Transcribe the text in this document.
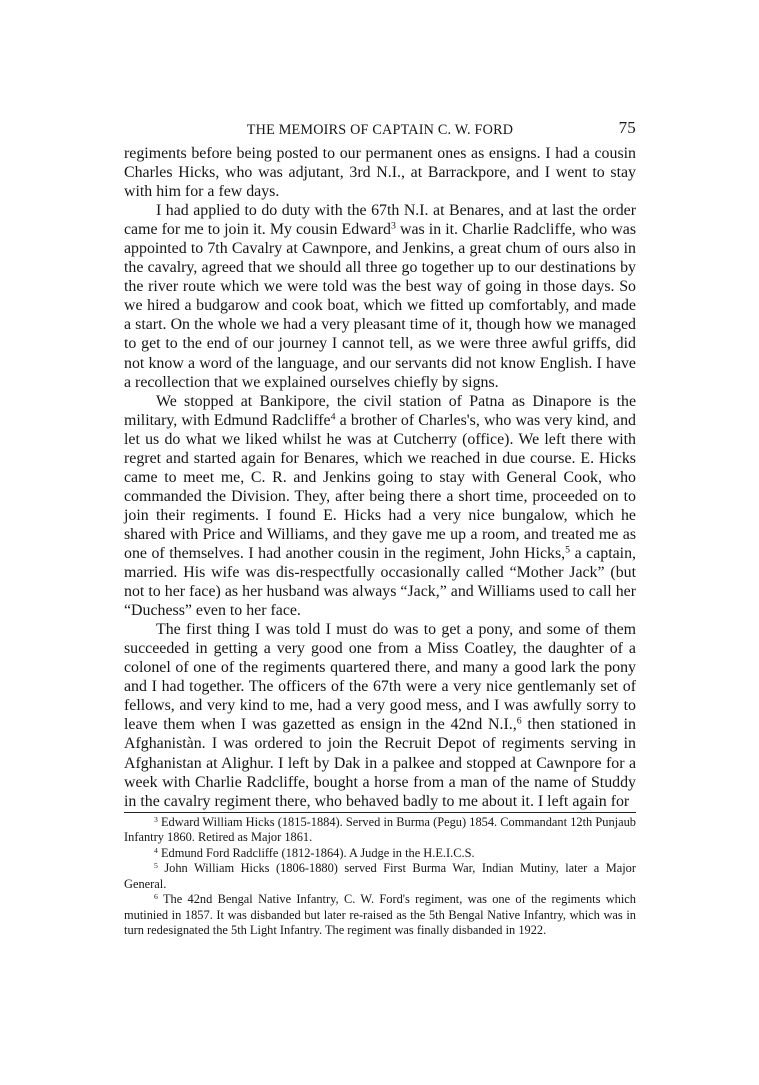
THE MEMOIRS OF CAPTAIN C. W. FORD	75

regiments before being posted to our permanent ones as ensigns. I had a cousin Charles Hicks, who was adjutant, 3rd N.I., at Barrackpore, and I went to stay with him for a few days.

I had applied to do duty with the 67th N.I. at Benares, and at last the order came for me to join it. My cousin Edward$^3$ was in it. Charlie Radcliffe, who was appointed to 7th Cavalry at Cawnpore, and Jenkins, a great chum of ours also in the cavalry, agreed that we should all three go together up to our destinations by the river route which we were told was the best way of going in those days. So we hired a budgarow and cook boat, which we fitted up comfortably, and made a start. On the whole we had a very pleasant time of it, though how we managed to get to the end of our journey I cannot tell, as we were three awful griffs, did not know a word of the language, and our servants did not know English. I have a recollection that we explained ourselves chiefly by signs.

We stopped at Bankipore, the civil station of Patna as Dinapore is the military, with Edmund Radcliffe$^4$ a brother of Charles's, who was very kind, and let us do what we liked whilst he was at Cutcherry (office). We left there with regret and started again for Benares, which we reached in due course. E. Hicks came to meet me, C. R. and Jenkins going to stay with General Cook, who commanded the Division. They, after being there a short time, proceeded on to join their regiments. I found E. Hicks had a very nice bungalow, which he shared with Price and Williams, and they gave me up a room, and treated me as one of themselves. I had another cousin in the regiment, John Hicks,$^5$ a captain, married. His wife was dis-respectfully occasionally called “Mother Jack” (but not to her face) as her husband was always “Jack,” and Williams used to call her “Duchess” even to her face.

The first thing I was told I must do was to get a pony, and some of them succeeded in getting a very good one from a Miss Coatley, the daughter of a colonel of one of the regiments quartered there, and many a good lark the pony and I had together. The officers of the 67th were a very nice gentlemanly set of fellows, and very kind to me, had a very good mess, and I was awfully sorry to leave them when I was gazetted as ensign in the 42nd N.I.,$^6$ then stationed in Afghanistàn. I was ordered to join the Recruit Depot of regiments serving in Afghanistan at Alighur. I left by Dak in a palkee and stopped at Cawnpore for a week with Charlie Radcliffe, bought a horse from a man of the name of Studdy in the cavalry regiment there, who behaved badly to me about it. I left again for

$^3$ Edward William Hicks (1815-1884). Served in Burma (Pegu) 1854. Commandant 12th Punjaub Infantry 1860. Retired as Major 1861.

$^4$ Edmund Ford Radcliffe (1812-1864). A Judge in the H.E.I.C.S.

$^5$ John William Hicks (1806-1880) served First Burma War, Indian Mutiny, later a Major General.

$^6$ The 42nd Bengal Native Infantry, C. W. Ford's regiment, was one of the regiments which mutinied in 1857. It was disbanded but later re-raised as the 5th Bengal Native Infantry, which was in turn redesignated the 5th Light Infantry. The regiment was finally disbanded in 1922.
